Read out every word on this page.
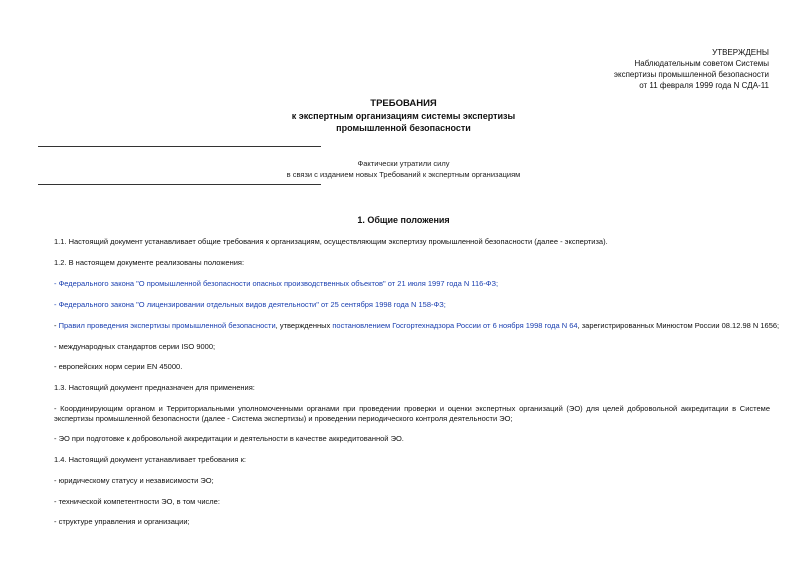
УТВЕРЖДЕНЫ
Наблюдательным советом Системы
экспертизы промышленной безопасности
от 11 февраля 1999 года N СДА-11
ТРЕБОВАНИЯ
к экспертным организациям системы экспертизы
промышленной безопасности
Фактически утратили силу
в связи с изданием новых Требований к экспертным организациям
1. Общие положения
1.1. Настоящий документ устанавливает общие требования к организациям, осуществляющим экспертизу промышленной безопасности (далее - экспертиза).
1.2. В настоящем документе реализованы положения:
- Федерального закона "О промышленной безопасности опасных производственных объектов" от 21 июля 1997 года N 116-ФЗ;
- Федерального закона "О лицензировании отдельных видов деятельности" от 25 сентября 1998 года N 158-ФЗ;
- Правил проведения экспертизы промышленной безопасности, утвержденных постановлением Госгортехнадзора России от 6 ноября 1998 года N 64, зарегистрированных Минюстом России 08.12.98 N 1656;
- международных стандартов серии ISO 9000;
- европейских норм серии EN 45000.
1.3. Настоящий документ предназначен для применения:
- Координирующим органом и Территориальными уполномоченными органами при проведении проверки и оценки экспертных организаций (ЭО) для целей добровольной аккредитации в Системе экспертизы промышленной безопасности (далее - Система экспертизы) и проведении периодического контроля деятельности ЭО;
- ЭО при подготовке к добровольной аккредитации и деятельности в качестве аккредитованной ЭО.
1.4. Настоящий документ устанавливает требования к:
- юридическому статусу и независимости ЭО;
- технической компетентности ЭО, в том числе:
- структуре управления и организации;
